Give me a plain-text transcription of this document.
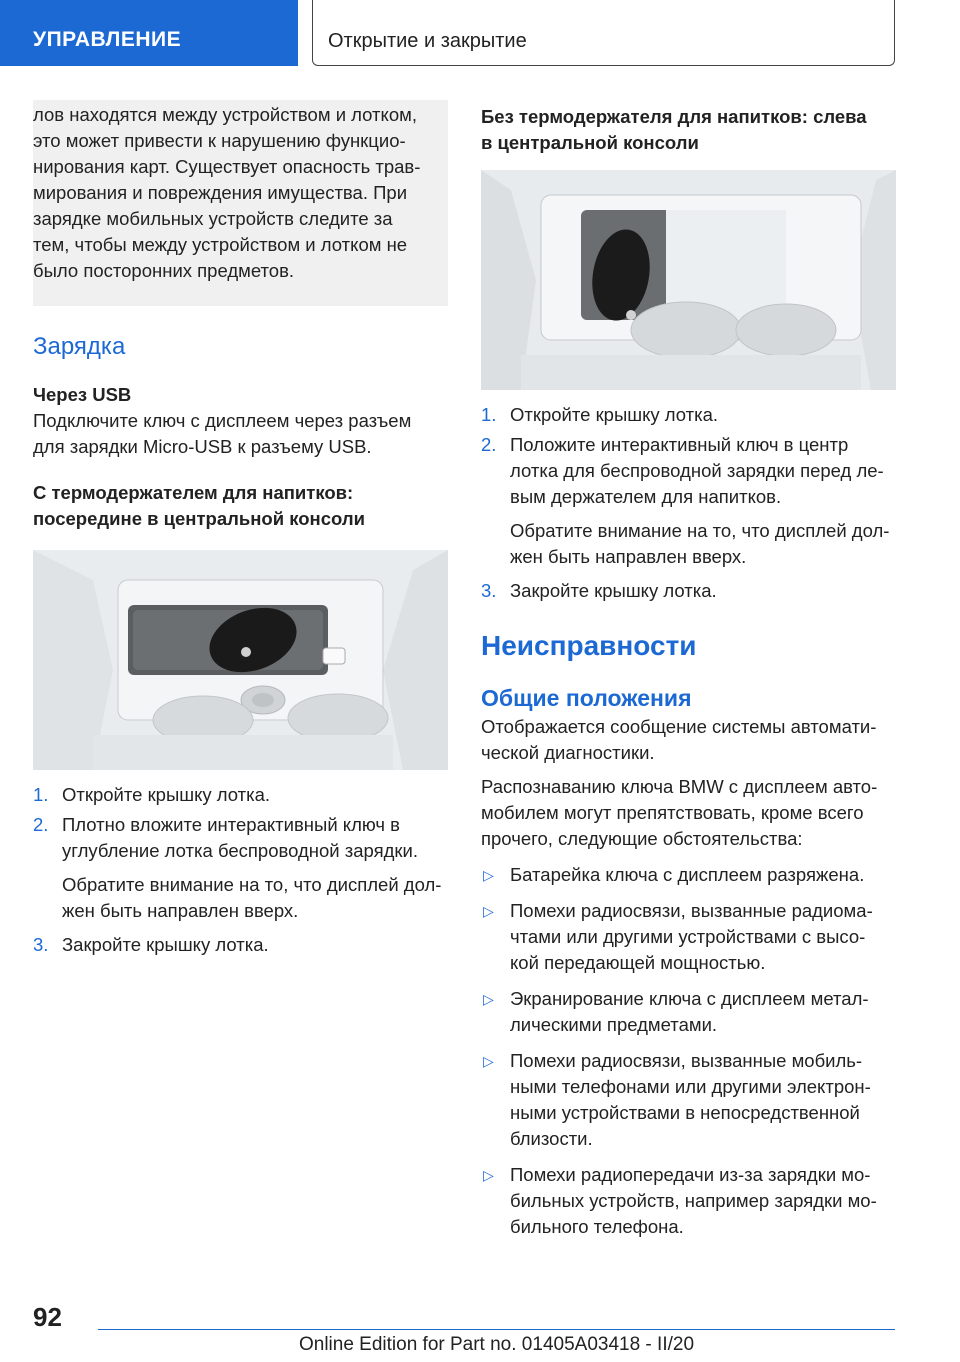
УПРАВЛЕНИЕ	Открытие и закрытие

лов находятся между устройством и лотком,

это может привести к нарушению функцио-

нирования карт. Существует опасность трав-

мирования и повреждения имущества. При

зарядке мобильных устройств следите за

тем, чтобы между устройством и лотком не

было посторонних предметов.

Зарядка
Через USB

Подключите ключ с дисплеем через разъем

для зарядки Micro-USB к разъему USB.

С термодержателем для напитков:
посередине в центральной консоли
1. Откройте крышку лотка.
2. Плотно вложите интерактивный ключ в
углубление лотка беспроводной зарядки.
Обратите внимание на то, что дисплей дол-
жен быть направлен вверх.
3. Закройте крышку лотка.
Без термодержателя для напитков: слева
в центральной консоли
1. Откройте крышку лотка.
2. Положите интерактивный ключ в центр
лотка для беспроводной зарядки перед ле-
вым держателем для напитков.
Обратите внимание на то, что дисплей дол-
жен быть направлен вверх.
3. Закройте крышку лотка.
Неисправности
Общие положения

Отображается сообщение системы автомати-

ческой диагностики.

Распознаванию ключа BMW с дисплеем авто-

мобилем могут препятствовать, кроме всего

прочего, следующие обстоятельства:

▷ Батарейка ключа с дисплеем разряжена.
▷ Помехи радиосвязи, вызванные радиома-
чтами или другими устройствами с высо-
кой передающей мощностью.
▷ Экранирование ключа с дисплеем метал-
лическими предметами.
▷ Помехи радиосвязи, вызванные мобиль-
ными телефонами или другими электрон-
ными устройствами в непосредственной
близости.
▷ Помехи радиопередачи из-за зарядки мо-
бильных устройств, например зарядки мо-
бильного телефона.
92
Online Edition for Part no. 01405A03418 - II/20
